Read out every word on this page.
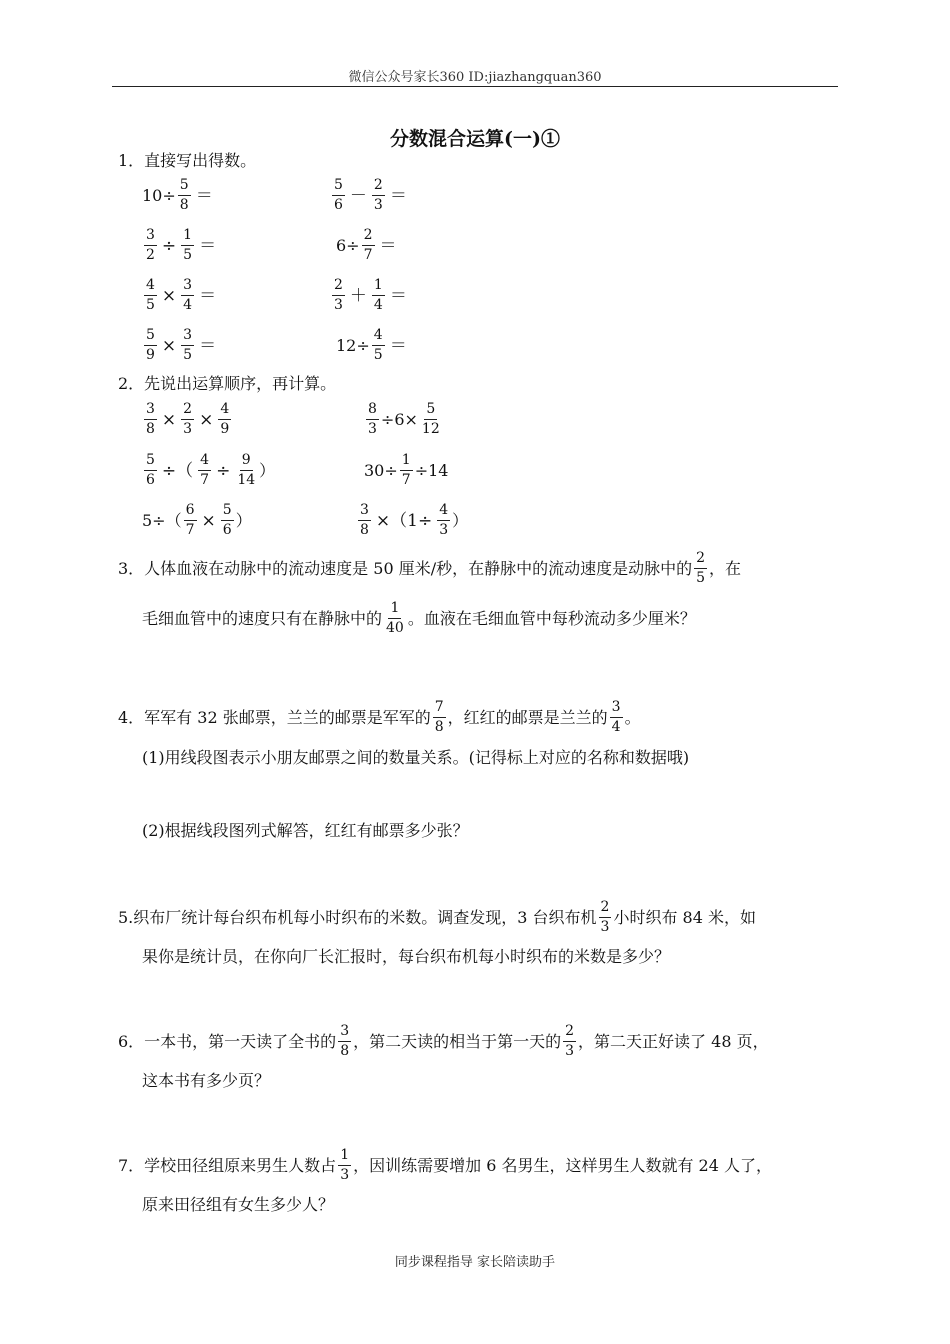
微信公众号家长360 ID:jiazhangquan360
分数混合运算(一)①
1．直接写出得数。
$10\div \frac{5}{8}$ ＝	$\frac{5}{6} - \frac{2}{3}$ ＝
$\frac{3}{2} \div \frac{1}{5}$ ＝	$6\div \frac{2}{7}$ ＝
$\frac{4}{5} \times \frac{3}{4}$ ＝	$\frac{2}{3} + \frac{1}{4}$ ＝
$\frac{5}{9} \times \frac{3}{5}$ ＝	$12\div \frac{4}{5}$ ＝
2．先说出运算顺序，再计算。
$\frac{3}{8} \times \frac{2}{3} \times \frac{4}{9}$	$\frac{8}{3} \div 6\times \frac{5}{12}$
$\frac{5}{6}$ ÷（ $\frac{4}{7} \div \frac{9}{14}$ ）	$30\div \frac{1}{7} \div 14$
$5\div( \frac{6}{7} \times \frac{5}{6}$ ）	$\frac{3}{8} \times(1\div \frac{4}{3}$ ）
3．人体血液在动脉中的流动速度是 50 厘米/秒，在静脉中的流动速度是动脉中的 $\frac{2}{5}$ ，在
毛细血管中的速度只有在静脉中的 $\frac{1}{40}$ 。血液在毛细血管中每秒流动多少厘米？
4．军军有 32 张邮票，兰兰的邮票是军军的 $\frac{7}{8}$ ，红红的邮票是兰兰的 $\frac{3}{4}$ 。
(1)用线段图表示小朋友邮票之间的数量关系。(记得标上对应的名称和数据哦)
(2)根据线段图列式解答，红红有邮票多少张？
5.织布厂统计每台织布机每小时织布的米数。调查发现，3 台织布机 $\frac{2}{3}$ 小时织布 84 米，如
果你是统计员，在你向厂长汇报时，每台织布机每小时织布的米数是多少？
6．一本书，第一天读了全书的 $\frac{3}{8}$ ，第二天读的相当于第一天的 $\frac{2}{3}$ ，第二天正好读了 48 页，
这本书有多少页？
7．学校田径组原来男生人数占 $\frac{1}{3}$ ，因训练需要增加 6 名男生，这样男生人数就有 24 人了，
原来田径组有女生多少人？
同步课程指导 家长陪读助手
